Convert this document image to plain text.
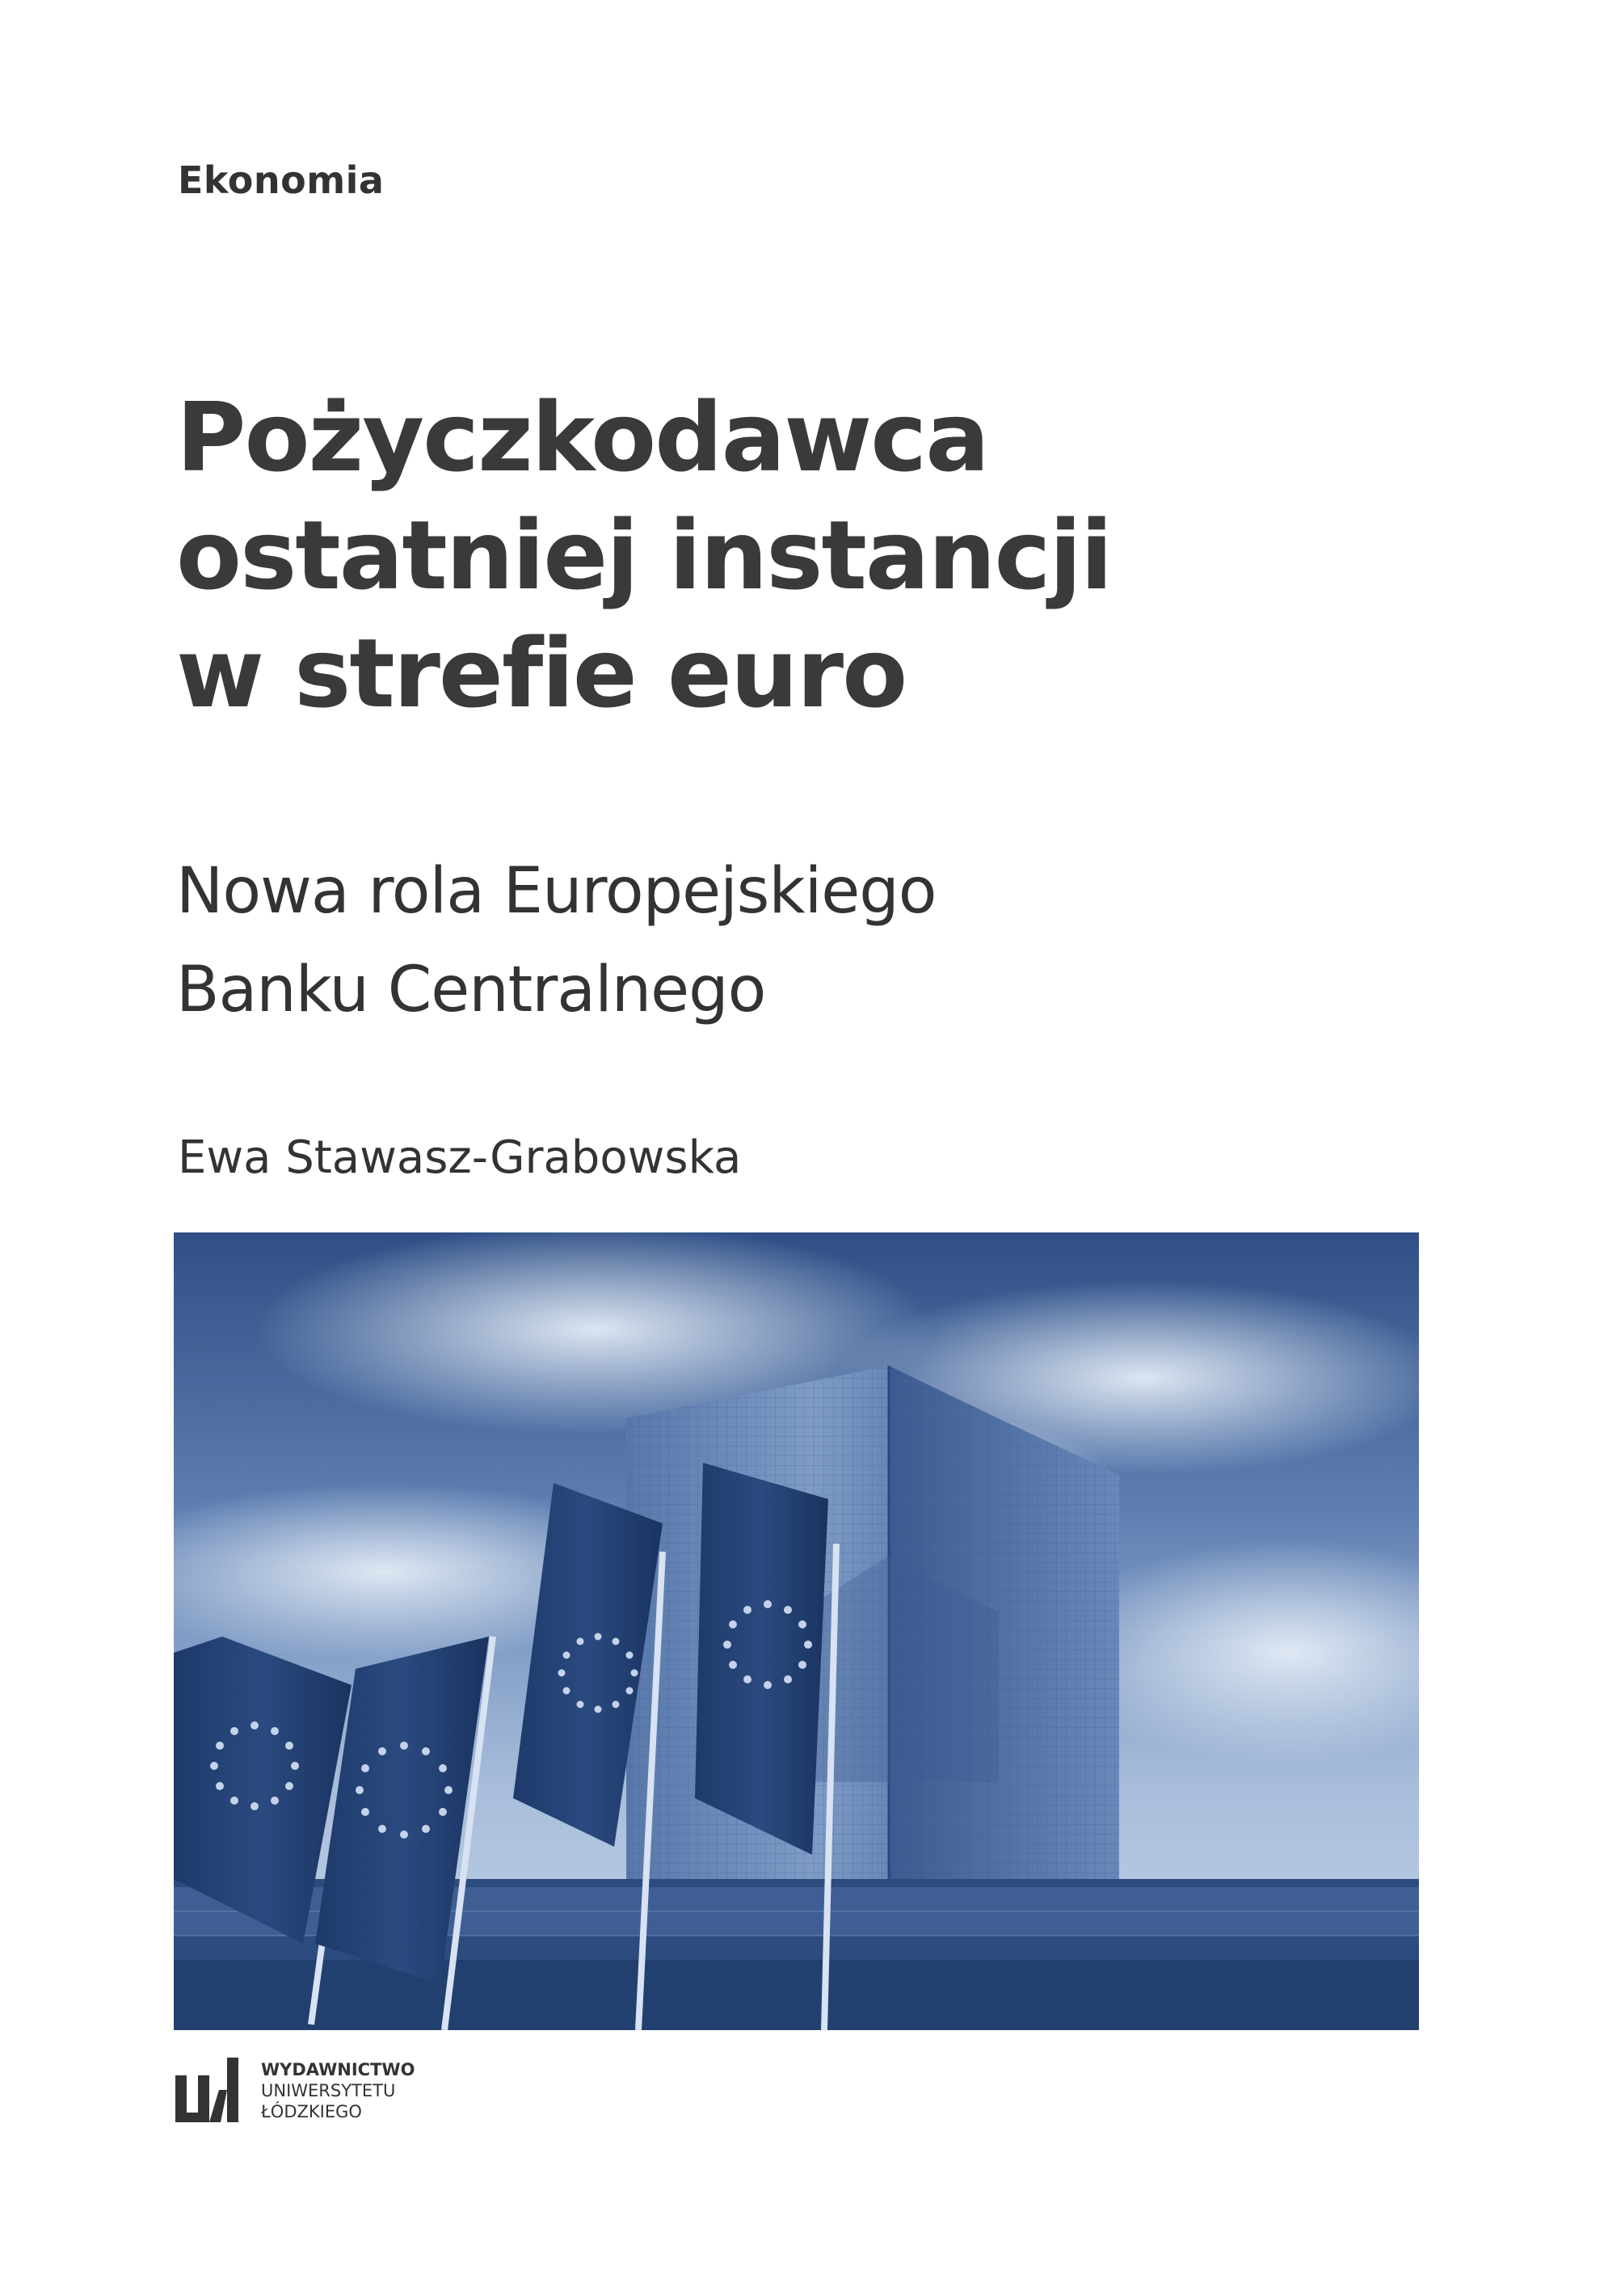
Ekonomia
Pożyczkodawca
ostatniej instancji
w strefie euro
Nowa rola Europejskiego
Banku Centralnego
Ewa Stawasz-Grabowska
WYDAWNICTWO
UNIWERSYTETU
ŁÓDZKIEGO
